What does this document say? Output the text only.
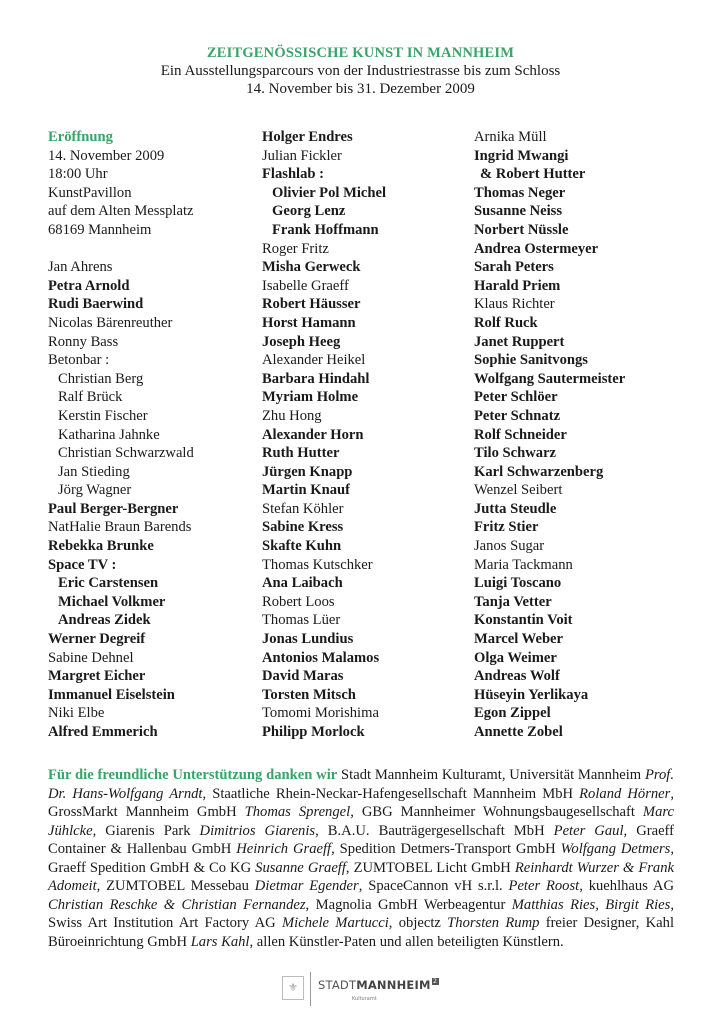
ZEITGENÖSSISCHE KUNST IN MANNHEIM
Ein Ausstellungsparcours von der Industriestrasse bis zum Schloss
14. November bis 31. Dezember 2009
Eröffnung
14. November 2009
18:00 Uhr
KunstPavillon
auf dem Alten Messplatz
68169 Mannheim
Jan Ahrens
Petra Arnold
Rudi Baerwind
Nicolas Bärenreuther
Ronny Bass
Betonbar :
Christian Berg
Ralf Brück
Kerstin Fischer
Katharina Jahnke
Christian Schwarzwald
Jan Stieding
Jörg Wagner
Paul Berger-Bergner
NatHalie Braun Barends
Rebekka Brunke
Space TV :
Eric Carstensen
Michael Volkmer
Andreas Zidek
Werner Degreif
Sabine Dehnel
Margret Eicher
Immanuel Eiselstein
Niki Elbe
Alfred Emmerich
Holger Endres
Julian Fickler
Flashlab :
Olivier Pol Michel
Georg Lenz
Frank Hoffmann
Roger Fritz
Misha Gerweck
Isabelle Graeff
Robert Häusser
Horst Hamann
Joseph Heeg
Alexander Heikel
Barbara Hindahl
Myriam Holme
Zhu Hong
Alexander Horn
Ruth Hutter
Jürgen Knapp
Martin Knauf
Stefan Köhler
Sabine Kress
Skafte Kuhn
Thomas Kutschker
Ana Laibach
Robert Loos
Thomas Lüer
Jonas Lundius
Antonios Malamos
David Maras
Torsten Mitsch
Tomomi Morishima
Philipp Morlock
Arnika Müll
Ingrid Mwangi
& Robert Hutter
Thomas Neger
Susanne Neiss
Norbert Nüssle
Andrea Ostermeyer
Sarah Peters
Harald Priem
Klaus Richter
Rolf Ruck
Janet Ruppert
Sophie Sanitvongs
Wolfgang Sautermeister
Peter Schlöer
Peter Schnatz
Rolf Schneider
Tilo Schwarz
Karl Schwarzenberg
Wenzel Seibert
Jutta Steudle
Fritz Stier
Janos Sugar
Maria Tackmann
Luigi Toscano
Tanja Vetter
Konstantin Voit
Marcel Weber
Olga Weimer
Andreas Wolf
Hüseyin Yerlikaya
Egon Zippel
Annette Zobel
Für die freundliche Unterstützung danken wir Stadt Mannheim Kulturamt, Universität Mannheim Prof. Dr. Hans-Wolfgang Arndt, Staatliche Rhein-Neckar-Hafengesellschaft Mannheim MbH Roland Hörner, GrossMarkt Mannheim GmbH Thomas Sprengel, GBG Mannheimer Wohnungsbaugesellschaft Marc Jühlcke, Giarenis Park Dimitrios Giarenis, B.A.U. Bauträgergesellschaft MbH Peter Gaul, Graeff Container & Hallenbau GmbH Heinrich Graeff, Spedition Detmers-Transport GmbH Wolfgang Detmers, Graeff Spedition GmbH & Co KG Susanne Graeff, ZUMTOBEL Licht GmbH Reinhardt Wurzer & Frank Adomeit, ZUMTOBEL Messebau Dietmar Egender, SpaceCannon vH s.r.l. Peter Roost, kuehlhaus AG Christian Reschke & Christian Fernandez, Magnolia GmbH Werbeagentur Matthias Ries, Birgit Ries, Swiss Art Institution Art Factory AG Michele Martucci, objectz Thorsten Rump freier Designer, Kahl Büroeinrichtung GmbH Lars Kahl, allen Künstler-Paten und allen beteiligten Künstlern.
⚜	STADTMANNHEIM 2
Kulturamt
